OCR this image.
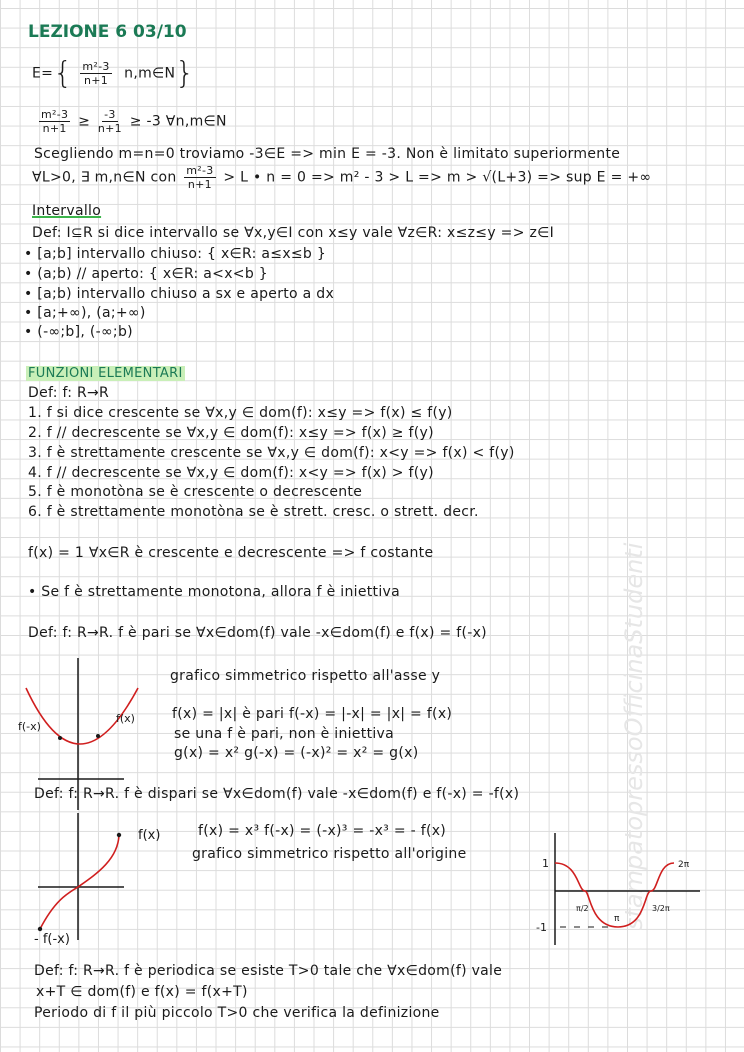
stampatopressoOfficinaStudenti
LEZIONE 6 03/10
$E=\{ \frac{\text{m²-3}}{n+1}$ n,m∈N}
$\frac{\text{m²-3}}{n+1} \ge \frac{-3}{n+1} \ge -3$ ∀n,m∈N
Scegliendo m=n=0 troviamo -3∈E => min E = -3. Non è limitato superiormente
∀L>0, ∃ m,n∈N con $\frac{\text{m²-3}}{n+1} > L$ • n = 0 => m² - 3 > L => m > √(L+3) => sup E = +∞
Intervallo
Def: I⊆R si dice intervallo se ∀x,y∈I con x≤y vale ∀z∈R: x≤z≤y => z∈I
• [a;b] intervallo chiuso: { x∈R: a≤x≤b }
• (a;b) // aperto: { x∈R: a<x<b }
• [a;b) intervallo chiuso a sx e aperto a dx
• [a;+∞), (a;+∞)
• (-∞;b], (-∞;b)
FUNZIONI ELEMENTARI
Def: f: R→R
1. f si dice crescente se ∀x,y ∈ dom(f): x≤y => f(x) ≤ f(y)
2. f // decrescente se ∀x,y ∈ dom(f): x≤y => f(x) ≥ f(y)
3. f è strettamente crescente se ∀x,y ∈ dom(f): x<y => f(x) < f(y)
4. f // decrescente se ∀x,y ∈ dom(f): x<y => f(x) > f(y)
5. f è monotòna se è crescente o decrescente
6. f è strettamente monotòna se è strett. cresc. o strett. decr.
f(x) = 1 ∀x∈R è crescente e decrescente => f costante
• Se f è strettamente monotona, allora f è iniettiva
Def: f: R→R. f è pari se ∀x∈dom(f) vale -x∈dom(f) e f(x) = f(-x)
f(-x)
f(x)
grafico simmetrico rispetto all'asse y
f(x) = |x| è pari f(-x) = |-x| = |x| = f(x)
se una f è pari, non è iniettiva
g(x) = x² g(-x) = (-x)² = x² = g(x)
Def: f: R→R. f è dispari se ∀x∈dom(f) vale -x∈dom(f) e f(-x) = -f(x)
f(x)
- f(-x)
f(x) = x³ f(-x) = (-x)³ = -x³ = - f(x)
grafico simmetrico rispetto all'origine
1
-1
π/2
π
3/2π
2π
Def: f: R→R. f è periodica se esiste T>0 tale che ∀x∈dom(f) vale
x+T ∈ dom(f) e f(x) = f(x+T)
Periodo di f il più piccolo T>0 che verifica la definizione
